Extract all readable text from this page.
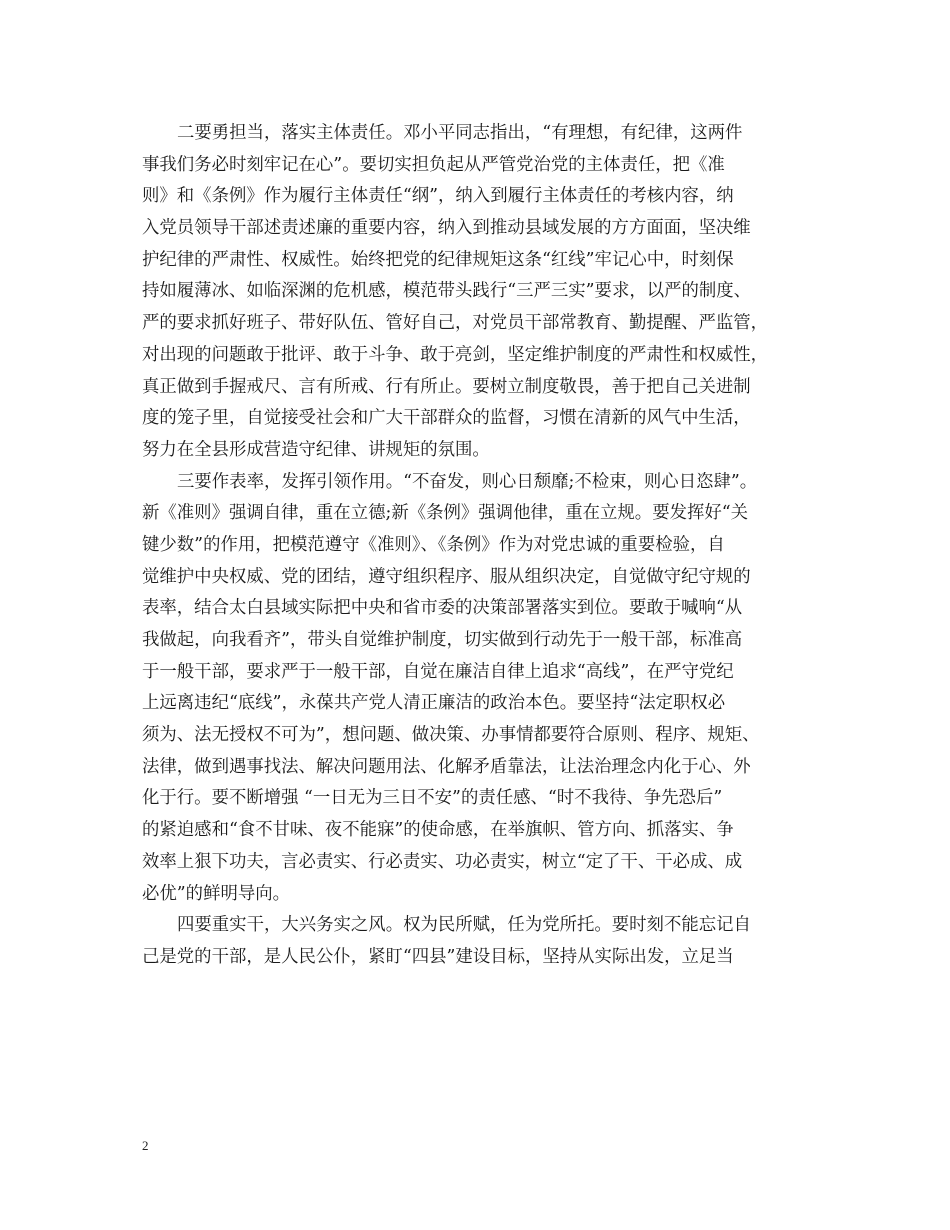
二要勇担当，落实主体责任。邓小平同志指出，“有理想，有纪律，这两件
事我们务必时刻牢记在心”。要切实担负起从严管党治党的主体责任，把《准
则》和《条例》作为履行主体责任“纲”，纳入到履行主体责任的考核内容，纳
入党员领导干部述责述廉的重要内容，纳入到推动县域发展的方方面面，坚决维
护纪律的严肃性、权威性。始终把党的纪律规矩这条“红线”牢记心中，时刻保
持如履薄冰、如临深渊的危机感，模范带头践行“三严三实”要求，以严的制度、
严的要求抓好班子、带好队伍、管好自己，对党员干部常教育、勤提醒、严监管，
对出现的问题敢于批评、敢于斗争、敢于亮剑，坚定维护制度的严肃性和权威性，
真正做到手握戒尺、言有所戒、行有所止。要树立制度敬畏，善于把自己关进制
度的笼子里，自觉接受社会和广大干部群众的监督，习惯在清新的风气中生活，
努力在全县形成营造守纪律、讲规矩的氛围。
三要作表率，发挥引领作用。“不奋发，则心日颓靡;不检束，则心日恣肆”。
新《准则》强调自律，重在立德;新《条例》强调他律，重在立规。要发挥好“关
键少数”的作用，把模范遵守《准则》、《条例》作为对党忠诚的重要检验，自
觉维护中央权威、党的团结，遵守组织程序、服从组织决定，自觉做守纪守规的
表率，结合太白县域实际把中央和省市委的决策部署落实到位。要敢于喊响“从
我做起，向我看齐”，带头自觉维护制度，切实做到行动先于一般干部，标准高
于一般干部，要求严于一般干部，自觉在廉洁自律上追求“高线”，在严守党纪
上远离违纪“底线”，永葆共产党人清正廉洁的政治本色。要坚持“法定职权必
须为、法无授权不可为”，想问题、做决策、办事情都要符合原则、程序、规矩、
法律，做到遇事找法、解决问题用法、化解矛盾靠法，让法治理念内化于心、外
化于行。要不断增强 “一日无为三日不安”的责任感、“时不我待、争先恐后”
的紧迫感和“食不甘味、夜不能寐”的使命感，在举旗帜、管方向、抓落实、争
效率上狠下功夫，言必责实、行必责实、功必责实，树立“定了干、干必成、成
必优”的鲜明导向。
四要重实干，大兴务实之风。权为民所赋，任为党所托。要时刻不能忘记自
己是党的干部，是人民公仆，紧盯“四县”建设目标，坚持从实际出发，立足当
2
